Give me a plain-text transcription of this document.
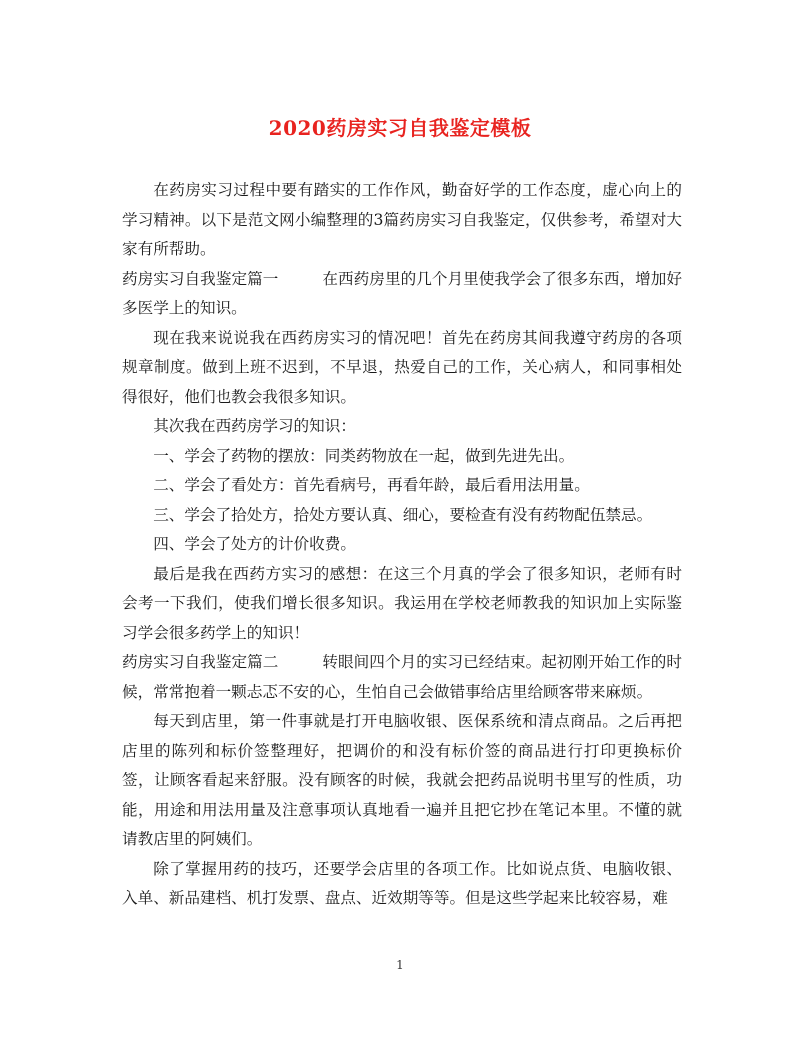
2020药房实习自我鉴定模板

在药房实习过程中要有踏实的工作作风，勤奋好学的工作态度，虚心向上的学习精神。以下是范文网小编整理的3篇药房实习自我鉴定，仅供参考，希望对大家有所帮助。

药房实习自我鉴定篇一	在西药房里的几个月里使我学会了很多东西，增加好多医学上的知识。

现在我来说说我在西药房实习的情况吧！首先在药房其间我遵守药房的各项规章制度。做到上班不迟到，不早退，热爱自己的工作，关心病人，和同事相处得很好，他们也教会我很多知识。

其次我在西药房学习的知识：

一、学会了药物的摆放：同类药物放在一起，做到先进先出。

二、学会了看处方：首先看病号，再看年龄，最后看用法用量。

三、学会了拾处方，拾处方要认真、细心，要检查有没有药物配伍禁忌。

四、学会了处方的计价收费。

最后是我在西药方实习的感想：在这三个月真的学会了很多知识，老师有时会考一下我们，使我们增长很多知识。我运用在学校老师教我的知识加上实际鉴习学会很多药学上的知识！

药房实习自我鉴定篇二	转眼间四个月的实习已经结束。起初刚开始工作的时候，常常抱着一颗忐忑不安的心，生怕自己会做错事给店里给顾客带来麻烦。

每天到店里，第一件事就是打开电脑收银、医保系统和清点商品。之后再把店里的陈列和标价签整理好，把调价的和没有标价签的商品进行打印更换标价签，让顾客看起来舒服。没有顾客的时候，我就会把药品说明书里写的性质，功能，用途和用法用量及注意事项认真地看一遍并且把它抄在笔记本里。不懂的就请教店里的阿姨们。

除了掌握用药的技巧，还要学会店里的各项工作。比如说点货、电脑收银、入单、新品建档、机打发票、盘点、近效期等等。但是这些学起来比较容易，难

1
